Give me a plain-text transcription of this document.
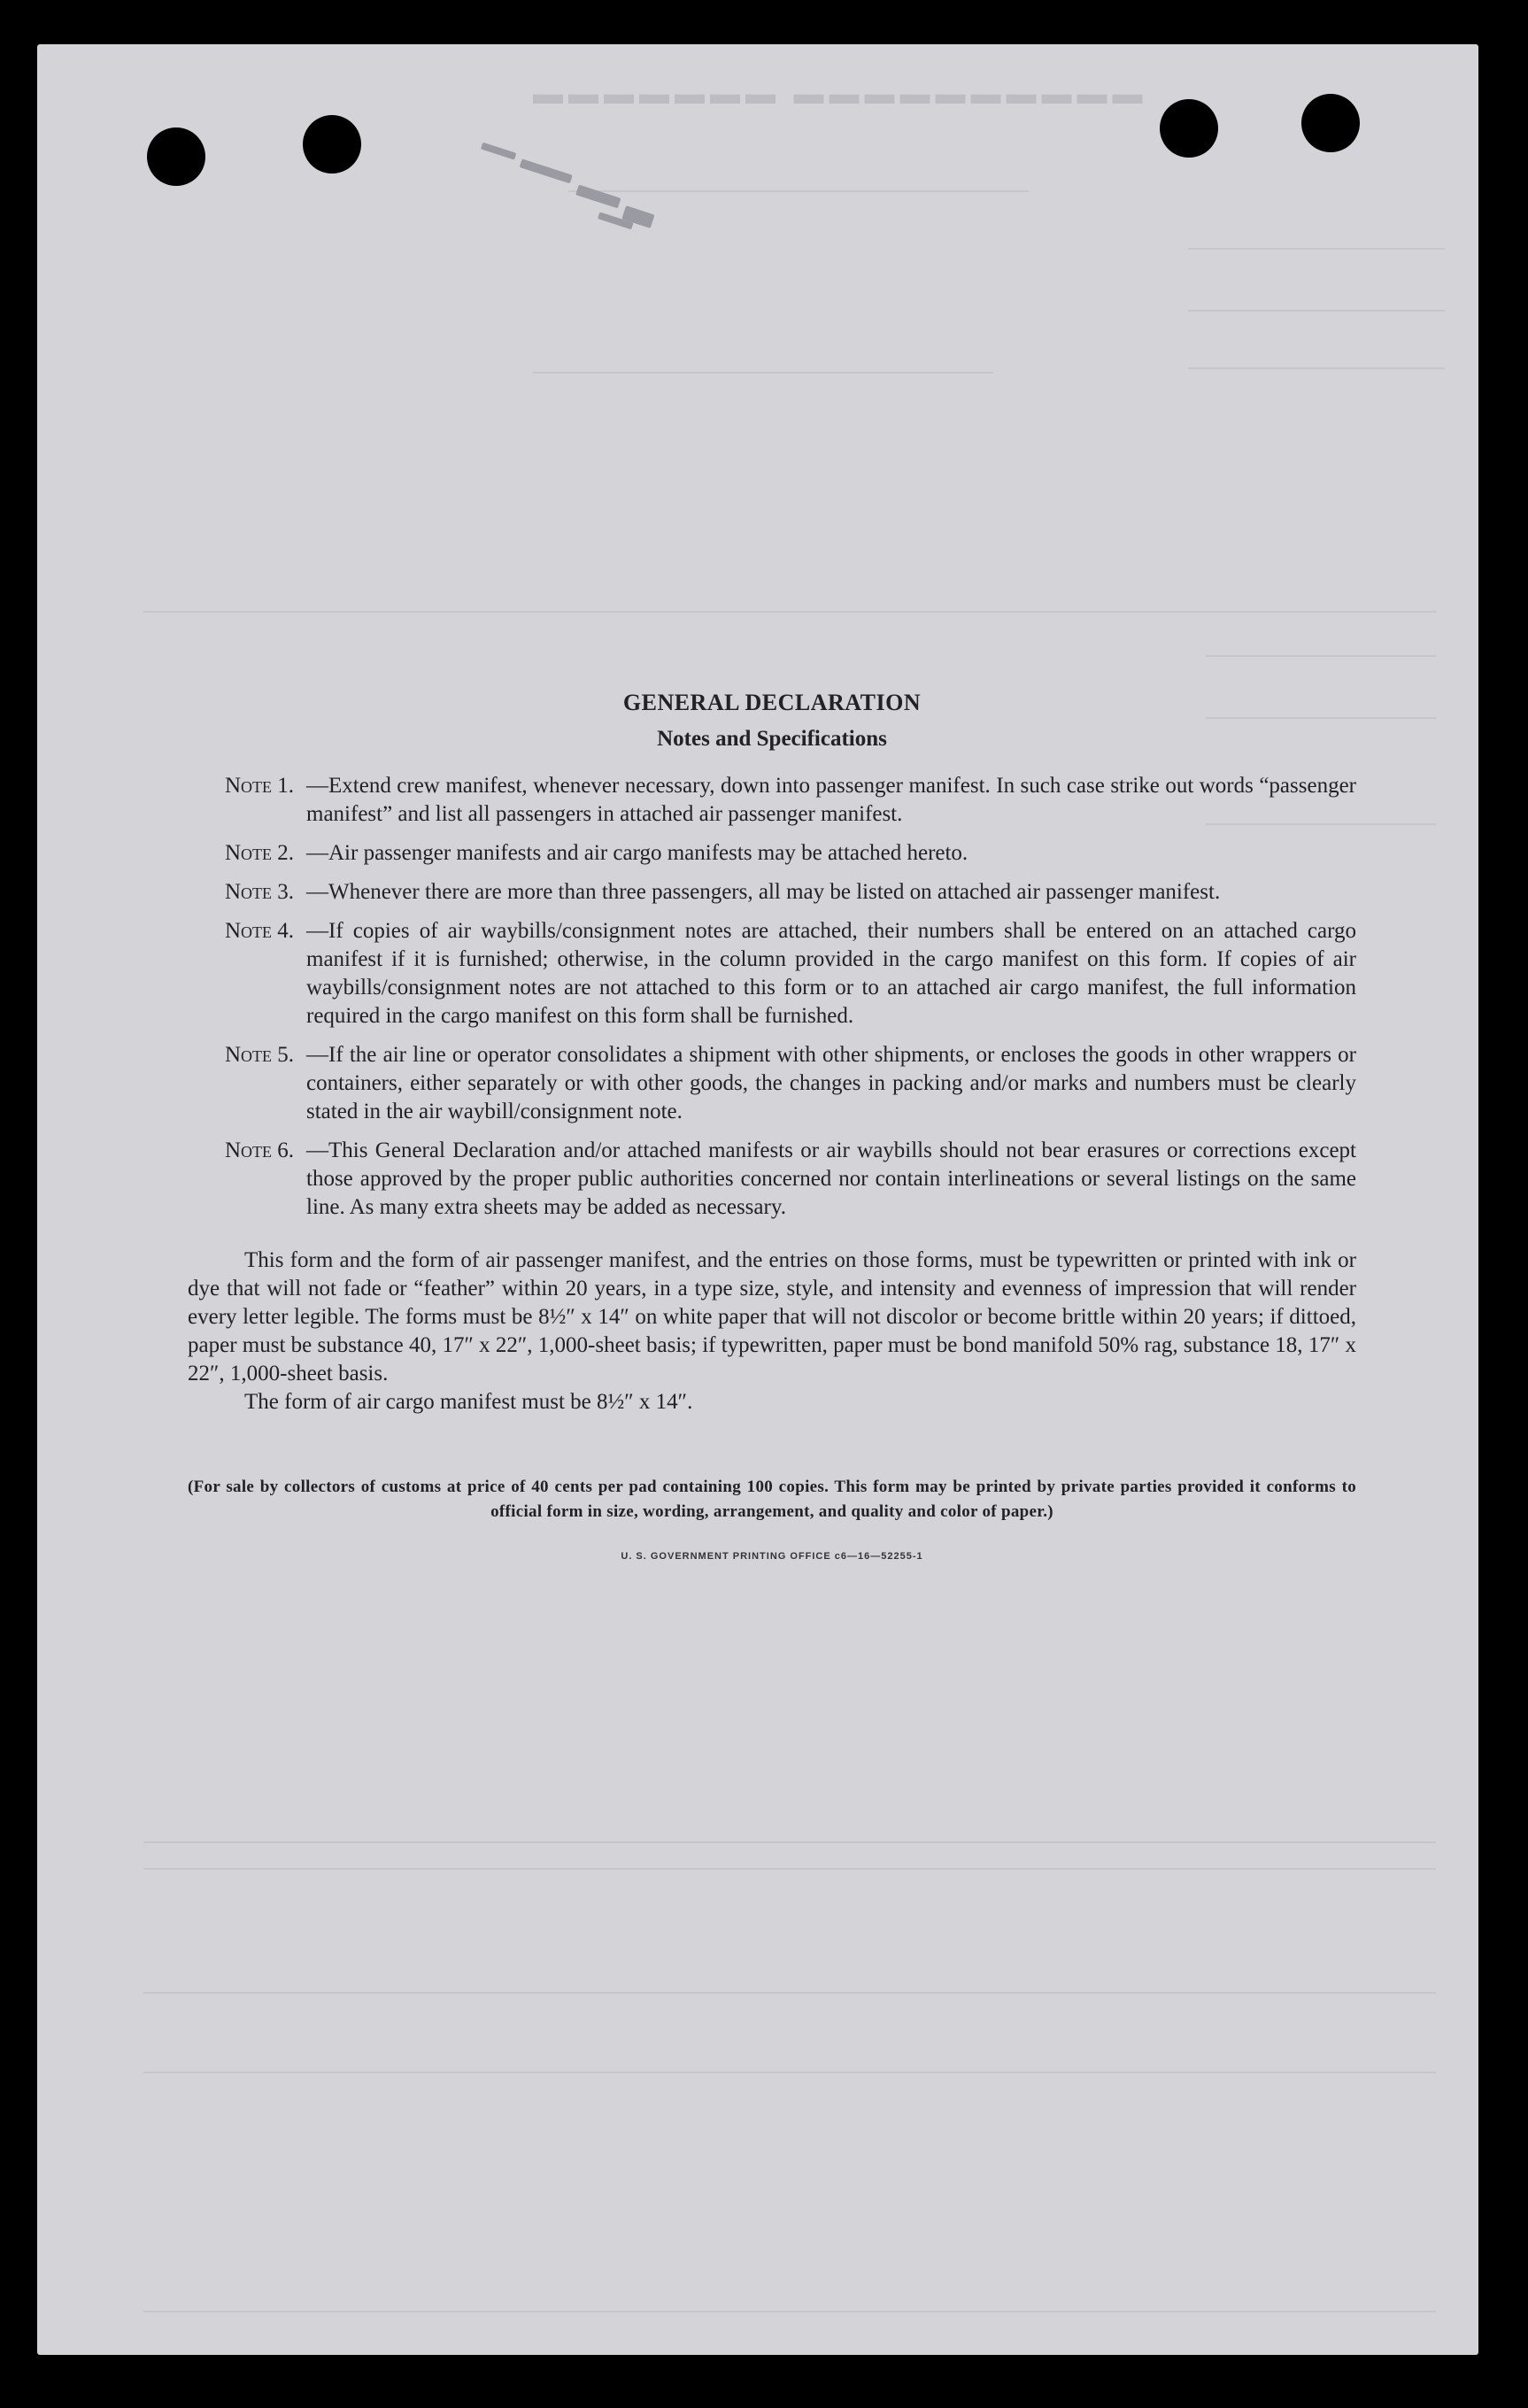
▬▬▬▬▬▬▬ ▬▬▬▬▬▬▬▬▬▬
GENERAL DECLARATION
Notes and Specifications
Note 1. —Extend crew manifest, whenever necessary, down into passenger manifest. In such case strike out words “passenger manifest” and list all passengers in attached air passenger manifest.
Note 2. —Air passenger manifests and air cargo manifests may be attached hereto.
Note 3. —Whenever there are more than three passengers, all may be listed on attached air passenger manifest.
Note 4. —If copies of air waybills/consignment notes are attached, their numbers shall be entered on an attached cargo manifest if it is furnished; otherwise, in the column provided in the cargo manifest on this form. If copies of air waybills/consignment notes are not attached to this form or to an attached air cargo manifest, the full information required in the cargo manifest on this form shall be furnished.
Note 5. —If the air line or operator consolidates a shipment with other shipments, or encloses the goods in other wrappers or containers, either separately or with other goods, the changes in packing and/or marks and numbers must be clearly stated in the air waybill/consignment note.
Note 6. —This General Declaration and/or attached manifests or air waybills should not bear erasures or corrections except those approved by the proper public authorities concerned nor contain interlineations or several listings on the same line. As many extra sheets may be added as necessary.

This form and the form of air passenger manifest, and the entries on those forms, must be typewritten or printed with ink or dye that will not fade or “feather” within 20 years, in a type size, style, and intensity and evenness of impression that will render every letter legible. The forms must be 8½″ x 14″ on white paper that will not discolor or become brittle within 20 years; if dittoed, paper must be substance 40, 17″ x 22″, 1,000-sheet basis; if typewritten, paper must be bond manifold 50% rag, substance 18, 17″ x 22″, 1,000-sheet basis.

The form of air cargo manifest must be 8½″ x 14″.

(For sale by collectors of customs at price of 40 cents per pad containing 100 copies. This form may be printed by private parties provided it conforms to official form in size, wording, arrangement, and quality and color of paper.)

U. S. GOVERNMENT PRINTING OFFICE c6—16—52255-1
